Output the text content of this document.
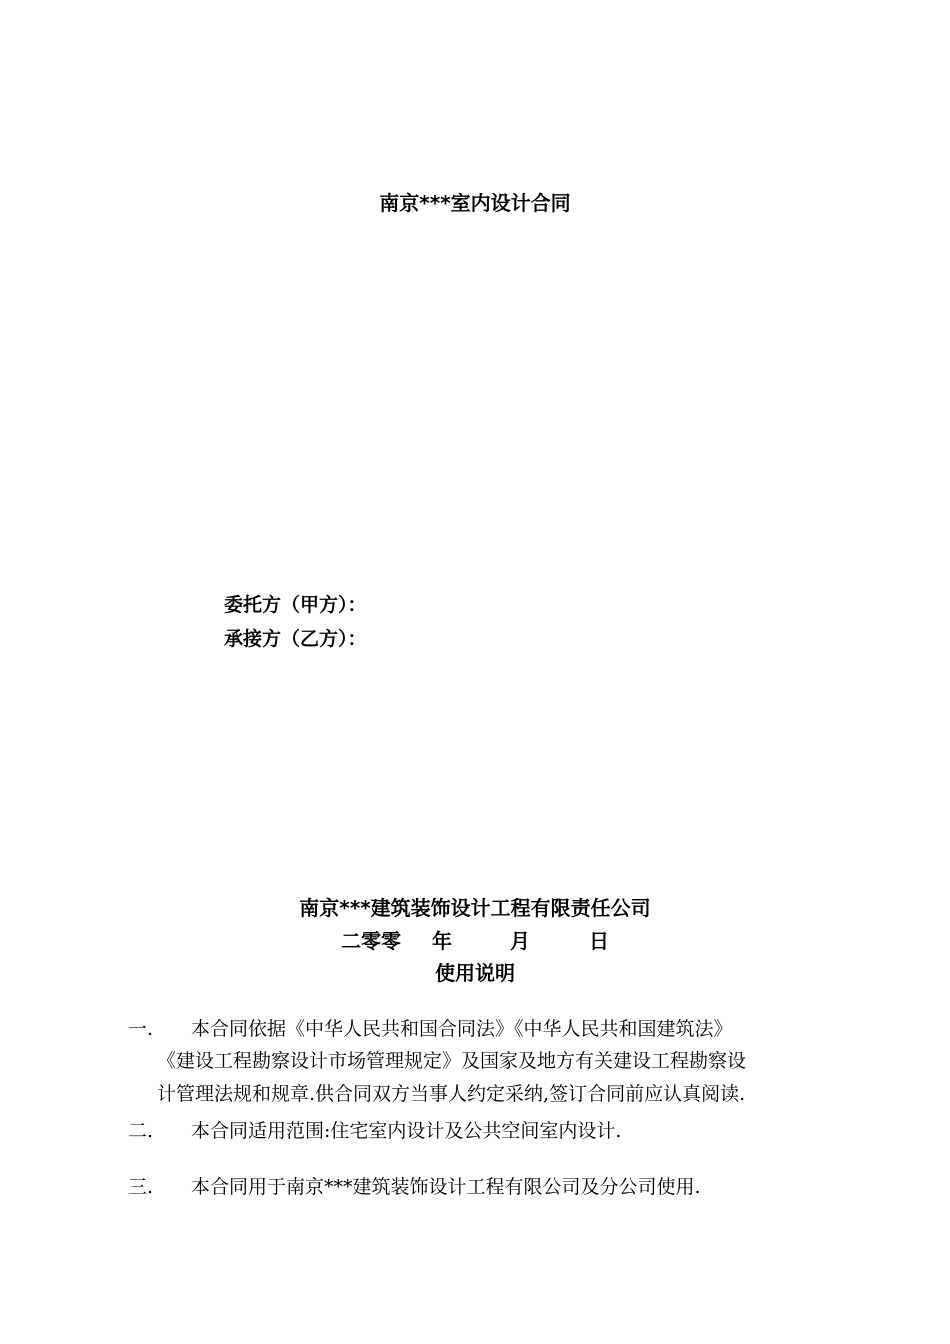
南京***室内设计合同
委托方（甲方）：
承接方（乙方）：
南京***建筑装饰设计工程有限责任公司
二零零 年	月	日
使用说明
一. 本合同依据《中华人民共和国合同法》《中华人民共和国建筑法》
《建设工程勘察设计市场管理规定》及国家及地方有关建设工程勘察设
计管理法规和规章.供合同双方当事人约定采纳,签订合同前应认真阅读.
二. 本合同适用范围:住宅室内设计及公共空间室内设计.
三. 本合同用于南京***建筑装饰设计工程有限公司及分公司使用.
